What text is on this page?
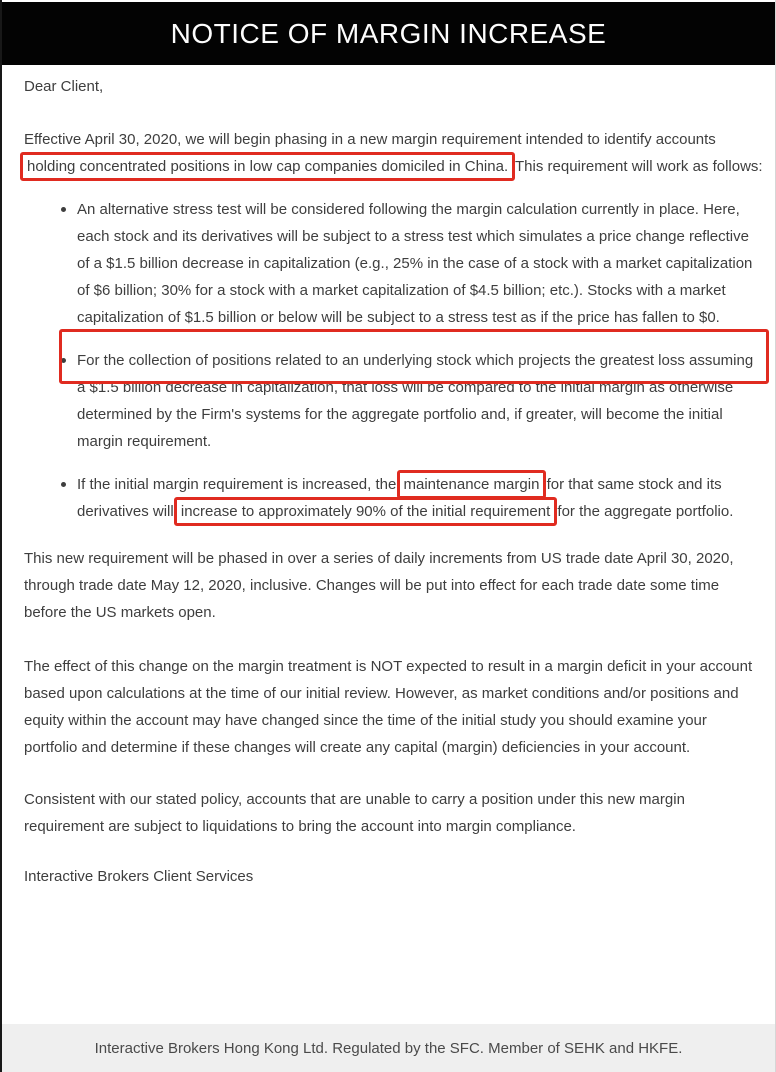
NOTICE OF MARGIN INCREASE

Dear Client,

Effective April 30, 2020, we will begin phasing in a new margin requirement intended to identify accounts holding concentrated positions in low cap companies domiciled in China. This requirement will work as follows:

An alternative stress test will be considered following the margin calculation currently in place. Here, each stock and its derivatives will be subject to a stress test which simulates a price change reflective of a $1.5 billion decrease in capitalization (e.g., 25% in the case of a stock with a market capitalization of $6 billion; 30% for a stock with a market capitalization of $4.5 billion; etc.). Stocks with a market capitalization of $1.5 billion or below will be subject to a stress test as if the price has fallen to $0.
For the collection of positions related to an underlying stock which projects the greatest loss assuming a $1.5 billion decrease in capitalization, that loss will be compared to the initial margin as otherwise determined by the Firm's systems for the aggregate portfolio and, if greater, will become the initial margin requirement.
If the initial margin requirement is increased, the maintenance margin for that same stock and its derivatives will increase to approximately 90% of the initial requirement for the aggregate portfolio.

This new requirement will be phased in over a series of daily increments from US trade date April 30, 2020, through trade date May 12, 2020, inclusive. Changes will be put into effect for each trade date some time before the US markets open.

The effect of this change on the margin treatment is NOT expected to result in a margin deficit in your account based upon calculations at the time of our initial review. However, as market conditions and/or positions and equity within the account may have changed since the time of the initial study you should examine your portfolio and determine if these changes will create any capital (margin) deficiencies in your account.

Consistent with our stated policy, accounts that are unable to carry a position under this new margin requirement are subject to liquidations to bring the account into margin compliance.

Interactive Brokers Client Services

Interactive Brokers Hong Kong Ltd. Regulated by the SFC. Member of SEHK and HKFE.
